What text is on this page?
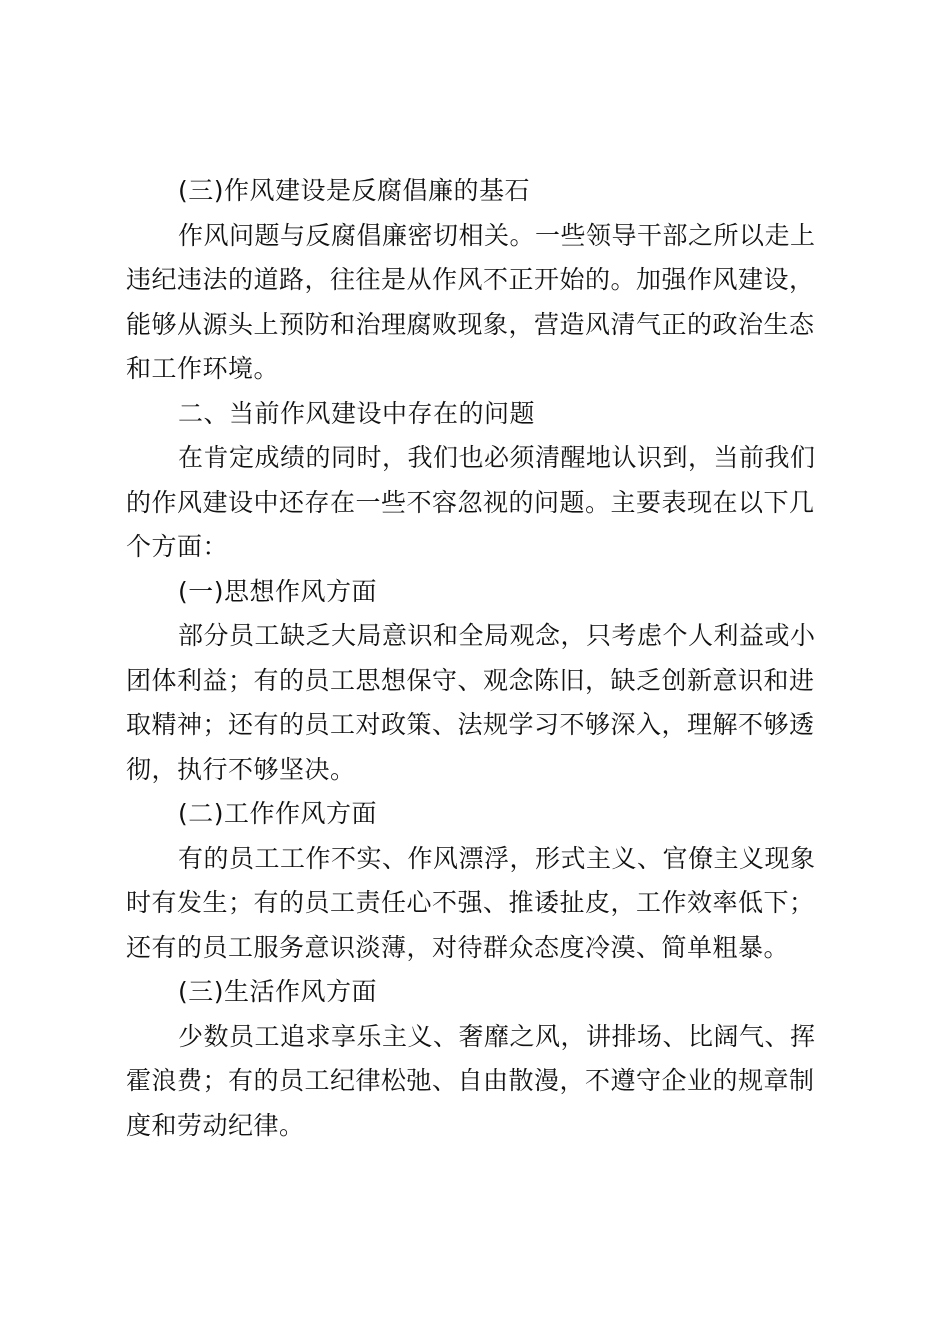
(三)作风建设是反腐倡廉的基石
作风问题与反腐倡廉密切相关。一些领导干部之所以走上
违纪违法的道路，往往是从作风不正开始的。加强作风建设，
能够从源头上预防和治理腐败现象，营造风清气正的政治生态
和工作环境。
二、当前作风建设中存在的问题
在肯定成绩的同时，我们也必须清醒地认识到，当前我们
的作风建设中还存在一些不容忽视的问题。主要表现在以下几
个方面：
(一)思想作风方面
部分员工缺乏大局意识和全局观念，只考虑个人利益或小
团体利益；有的员工思想保守、观念陈旧，缺乏创新意识和进
取精神；还有的员工对政策、法规学习不够深入，理解不够透
彻，执行不够坚决。
(二)工作作风方面
有的员工工作不实、作风漂浮，形式主义、官僚主义现象
时有发生；有的员工责任心不强、推诿扯皮，工作效率低下；
还有的员工服务意识淡薄，对待群众态度冷漠、简单粗暴。
(三)生活作风方面
少数员工追求享乐主义、奢靡之风，讲排场、比阔气、挥
霍浪费；有的员工纪律松弛、自由散漫，不遵守企业的规章制
度和劳动纪律。
